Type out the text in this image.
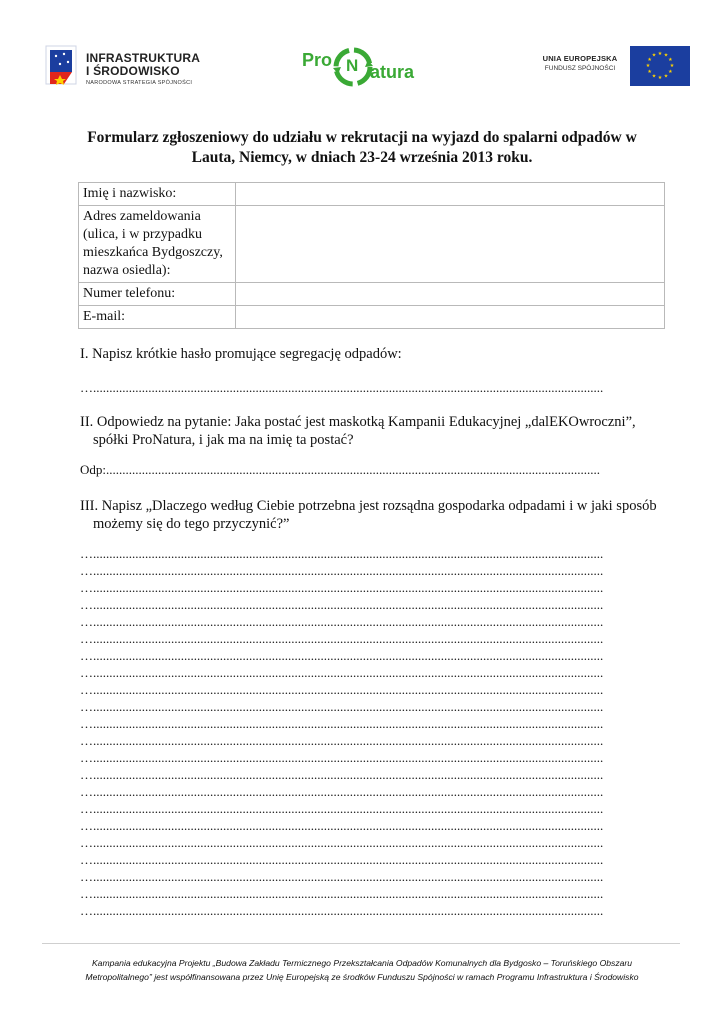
INFRASTRUKTURA
I ŚRODOWISKO
NARODOWA STRATEGIA SPÓJNOŚCI
Pro N atura
UNIA EUROPEJSKA
FUNDUSZ SPÓJNOŚCI
★ ★
★
★
★
★
★
★
★
★
★
★
Formularz zgłoszeniowy do udziału w rekrutacji na wyjazd do spalarni odpadów w
Lauta, Niemcy, w dniach 23-24 września 2013 roku.
Imię i nazwisko:	
Adres zameldowania (ulica, i w przypadku mieszkańca Bydgoszczy, nazwa osiedla):	
Numer telefonu:	
E-mail:	
I. Napisz krótkie hasło promujące segregację odpadów:
….............................................................................................................................................................
II. Odpowiedz na pytanie: Jaka postać jest maskotką Kampanii Edukacyjnej „dalEKOwroczni”,
spółki ProNatura, i jak ma na imię ta postać?
Odp:........................................................................................................................................................
III. Napisz „Dlaczego według Ciebie potrzebna jest rozsądna gospodarka odpadami i w jaki sposób
możemy się do tego przyczynić?”
….............................................................................................................................................................
….............................................................................................................................................................
….............................................................................................................................................................
….............................................................................................................................................................
….............................................................................................................................................................
….............................................................................................................................................................
….............................................................................................................................................................
….............................................................................................................................................................
….............................................................................................................................................................
….............................................................................................................................................................
….............................................................................................................................................................
….............................................................................................................................................................
….............................................................................................................................................................
….............................................................................................................................................................
….............................................................................................................................................................
….............................................................................................................................................................
….............................................................................................................................................................
….............................................................................................................................................................
….............................................................................................................................................................
….............................................................................................................................................................
….............................................................................................................................................................
….............................................................................................................................................................
Kampania edukacyjna Projektu „Budowa Zakładu Termicznego Przekształcania Odpadów Komunalnych dla Bydgosko – Toruńskiego Obszaru
Metropolitalnego” jest współfinansowana przez Unię Europejską ze środków Funduszu Spójności w ramach Programu Infrastruktura i Środowisko
